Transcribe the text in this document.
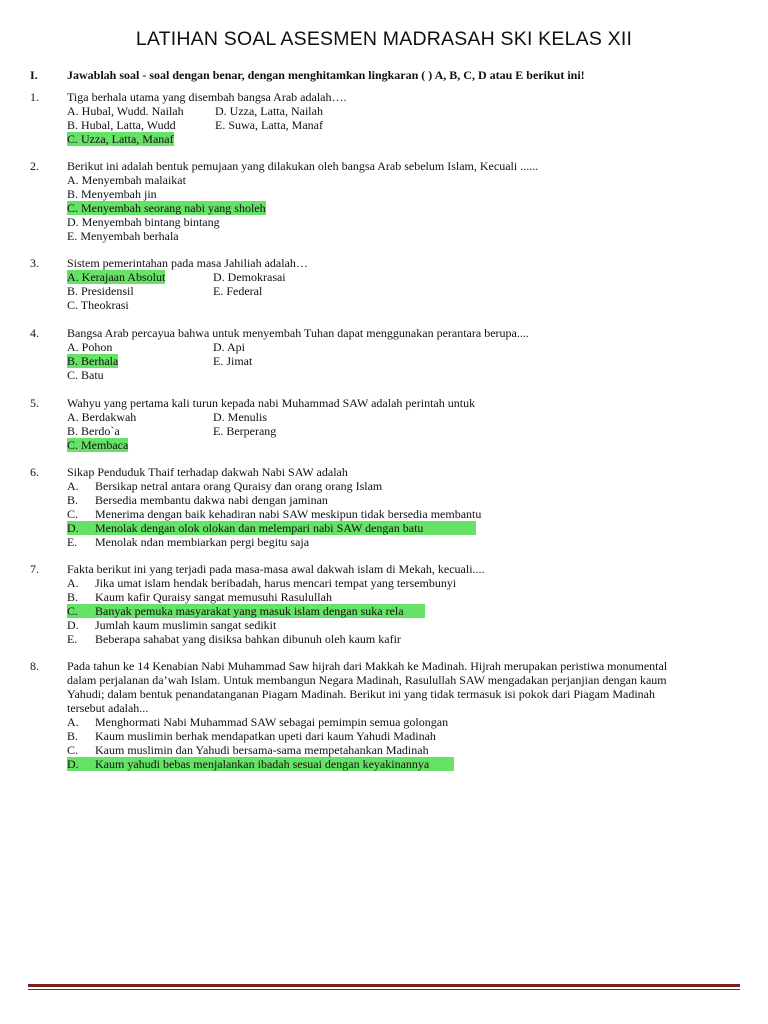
LATIHAN SOAL ASESMEN MADRASAH SKI KELAS XII
I. Jawablah soal - soal dengan benar, dengan menghitamkan lingkaran ( ) A, B, C, D atau E berikut ini!
1. Tiga berhala utama yang disembah bangsa Arab adalah….
A. Hubal, Wudd. Nailah	D. Uzza, Latta, Nailah
B. Hubal, Latta, Wudd	E. Suwa, Latta, Manaf
C. Uzza, Latta, Manaf
2. Berikut ini adalah bentuk pemujaan yang dilakukan oleh bangsa Arab sebelum Islam, Kecuali ......
A. Menyembah malaikat
B. Menyembah jin
C. Menyembah seorang nabi yang sholeh
D. Menyembah bintang bintang
E. Menyembah berhala
3. Sistem pemerintahan pada masa Jahiliah adalah…
A. Kerajaan Absolut	D. Demokrasai
B. Presidensil	E. Federal
C. Theokrasi
4. Bangsa Arab percayua bahwa untuk menyembah Tuhan dapat menggunakan perantara berupa....
A. Pohon	D. Api
B. Berhala	E. Jimat
C. Batu
5. Wahyu yang pertama kali turun kepada nabi Muhammad SAW adalah perintah untuk
A. Berdakwah	D. Menulis
B. Berdo`a	E. Berperang
C. Membaca
6. Sikap Penduduk Thaif terhadap dakwah Nabi SAW adalah
A. Bersikap netral antara orang Quraisy dan orang orang Islam
B. Bersedia membantu dakwa nabi dengan jaminan
C. Menerima dengan baik kehadiran nabi SAW meskipun tidak bersedia membantu
D. Menolak dengan olok olokan dan melempari nabi SAW dengan batu
E. Menolak ndan membiarkan pergi begitu saja
7. Fakta berikut ini yang terjadi pada masa-masa awal dakwah islam di Mekah, kecuali....
A. Jika umat islam hendak beribadah, harus mencari tempat yang tersembunyi
B. Kaum kafir Quraisy sangat memusuhi Rasulullah
C. Banyak pemuka masyarakat yang masuk islam dengan suka rela
D. Jumlah kaum muslimin sangat sedikit
E. Beberapa sahabat yang disiksa bahkan dibunuh oleh kaum kafir
8. Pada tahun ke 14 Kenabian Nabi Muhammad Saw hijrah dari Makkah ke Madinah. Hijrah merupakan peristiwa monumental
dalam perjalanan da’wah Islam. Untuk membangun Negara Madinah, Rasulullah SAW mengadakan perjanjian dengan kaum
Yahudi; dalam bentuk penandatanganan Piagam Madinah. Berikut ini yang tidak termasuk isi pokok dari Piagam Madinah
tersebut adalah...
A. Menghormati Nabi Muhammad SAW sebagai pemimpin semua golongan
B. Kaum muslimin berhak mendapatkan upeti dari kaum Yahudi Madinah
C. Kaum muslimin dan Yahudi bersama-sama mempetahankan Madinah
D. Kaum yahudi bebas menjalankan ibadah sesuai dengan keyakinannya
